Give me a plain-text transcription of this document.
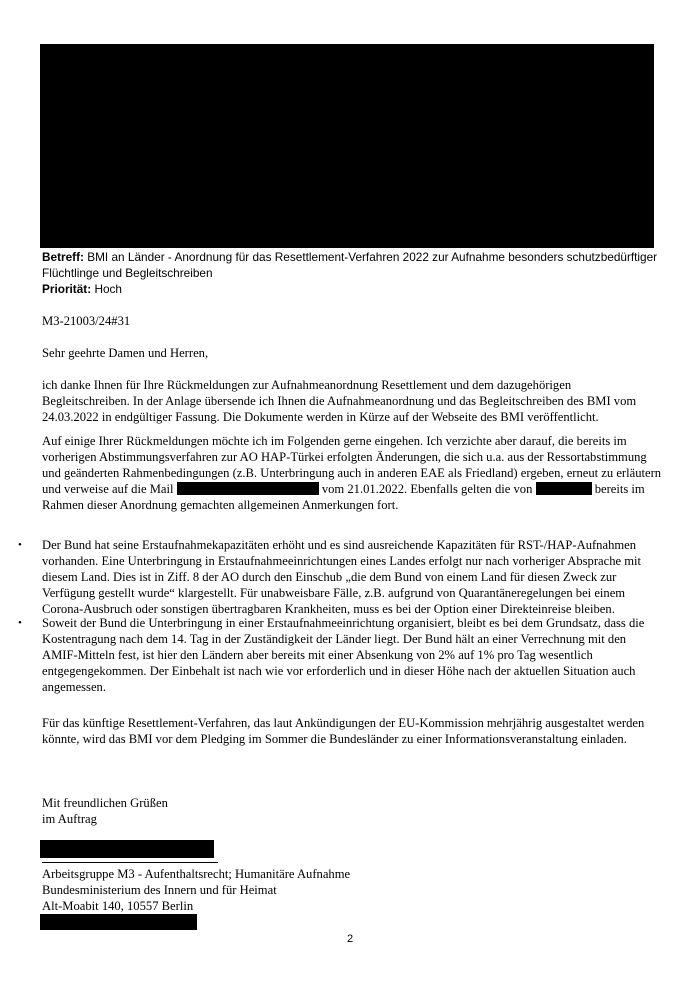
Betreff: BMI an Länder - Anordnung für das Resettlement-Verfahren 2022 zur Aufnahme besonders schutzbedürftiger Flüchtlinge und Begleitschreiben
Priorität: Hoch

M3-21003/24#31

Sehr geehrte Damen und Herren,

ich danke Ihnen für Ihre Rückmeldungen zur Aufnahmeanordnung Resettlement und dem dazugehörigen Begleitschreiben. In der Anlage übersende ich Ihnen die Aufnahmeanordnung und das Begleitschreiben des BMI vom 24.03.2022 in endgültiger Fassung. Die Dokumente werden in Kürze auf der Webseite des BMI veröffentlicht.

Auf einige Ihrer Rückmeldungen möchte ich im Folgenden gerne eingehen. Ich verzichte aber darauf, die bereits im vorherigen Abstimmungsverfahren zur AO HAP-Türkei erfolgten Änderungen, die sich u.a. aus der Ressortabstimmung und geänderten Rahmenbedingungen (z.B. Unterbringung auch in anderen EAE als Friedland) ergeben, erneut zu erläutern und verweise auf die Mail	vom 21.01.2022. Ebenfalls gelten die von	bereits im Rahmen dieser Anordnung gemachten allgemeinen Anmerkungen fort.

• Der Bund hat seine Erstaufnahmekapazitäten erhöht und es sind ausreichende Kapazitäten für RST-/HAP-Aufnahmen vorhanden. Eine Unterbringung in Erstaufnahmeeinrichtungen eines Landes erfolgt nur nach vorheriger Absprache mit diesem Land. Dies ist in Ziff. 8 der AO durch den Einschub „die dem Bund von einem Land für diesen Zweck zur Verfügung gestellt wurde“ klargestellt. Für unabweisbare Fälle, z.B. aufgrund von Quarantäneregelungen bei einem Corona-Ausbruch oder sonstigen übertragbaren Krankheiten, muss es bei der Option einer Direkteinreise bleiben.

• Soweit der Bund die Unterbringung in einer Erstaufnahmeeinrichtung organisiert, bleibt es bei dem Grundsatz, dass die Kostentragung nach dem 14. Tag in der Zuständigkeit der Länder liegt. Der Bund hält an einer Verrechnung mit den AMIF-Mitteln fest, ist hier den Ländern aber bereits mit einer Absenkung von 2% auf 1% pro Tag wesentlich entgegengekommen. Der Einbehalt ist nach wie vor erforderlich und in dieser Höhe nach der aktuellen Situation auch angemessen.

Für das künftige Resettlement-Verfahren, das laut Ankündigungen der EU-Kommission mehrjährig ausgestaltet werden könnte, wird das BMI vor dem Pledging im Sommer die Bundesländer zu einer Informationsveranstaltung einladen.

Mit freundlichen Grüßen

im Auftrag

Arbeitsgruppe M3 - Aufenthaltsrecht; Humanitäre Aufnahme

Bundesministerium des Innern und für Heimat

Alt-Moabit 140, 10557 Berlin

2
